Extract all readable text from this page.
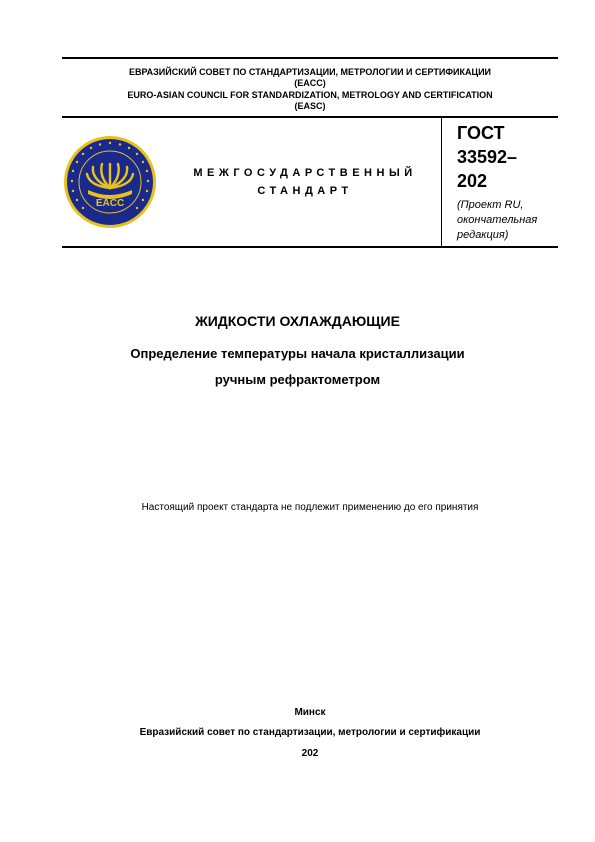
ЕВРАЗИЙСКИЙ СОВЕТ ПО СТАНДАРТИЗАЦИИ, МЕТРОЛОГИИ И СЕРТИФИКАЦИИ
(EACC)
EURO-ASIAN COUNCIL FOR STANDARDIZATION, METROLOGY AND CERTIFICATION
(EASC)
EACC
МЕЖГОСУДАРСТВЕННЫЙ
СТАНДАРТ
ГОСТ
33592–
202
(Проект RU, окончательная редакция)
ЖИДКОСТИ ОХЛАЖДАЮЩИЕ
Определение температуры начала кристаллизации
ручным рефрактометром
Настоящий проект стандарта не подлежит применению до его принятия
Минск
Евразийский совет по стандартизации, метрологии и сертификации
202
